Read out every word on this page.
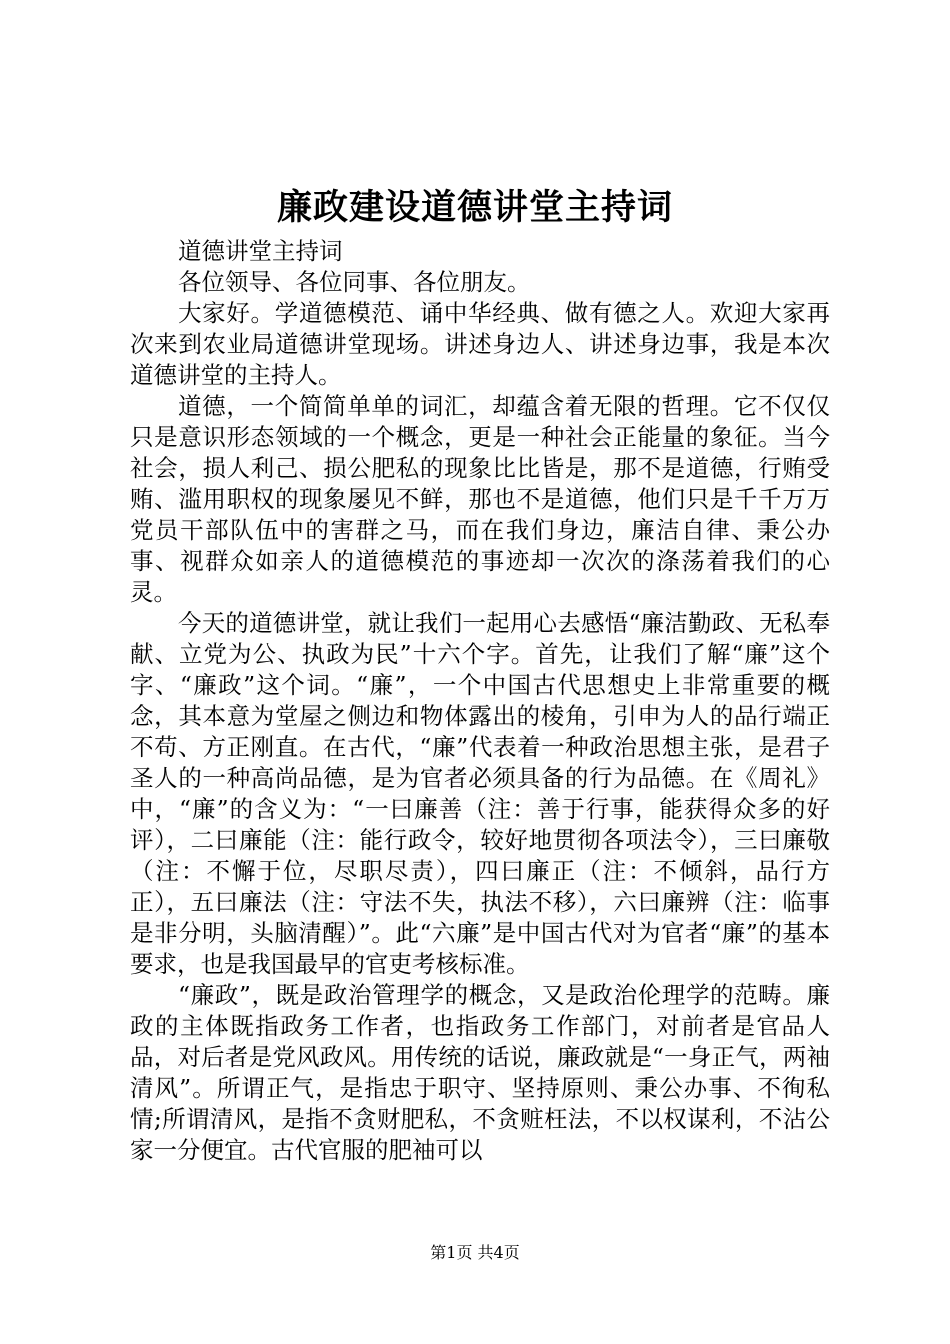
廉政建设道德讲堂主持词

道德讲堂主持词

各位领导、各位同事、各位朋友。

大家好。学道德模范、诵中华经典、做有德之人。欢迎大家再次来到农业局道德讲堂现场。讲述身边人、讲述身边事，我是本次道德讲堂的主持人。

道德，一个简简单单的词汇，却蕴含着无限的哲理。它不仅仅只是意识形态领域的一个概念，更是一种社会正能量的象征。当今社会，损人利己、损公肥私的现象比比皆是，那不是道德，行贿受贿、滥用职权的现象屡见不鲜，那也不是道德，他们只是千千万万党员干部队伍中的害群之马，而在我们身边，廉洁自律、秉公办事、视群众如亲人的道德模范的事迹却一次次的涤荡着我们的心灵。

今天的道德讲堂，就让我们一起用心去感悟“廉洁勤政、无私奉献、立党为公、执政为民”十六个字。首先，让我们了解“廉”这个字、“廉政”这个词。“廉”，一个中国古代思想史上非常重要的概念，其本意为堂屋之侧边和物体露出的棱角，引申为人的品行端正不苟、方正刚直。在古代，“廉”代表着一种政治思想主张，是君子圣人的一种高尚品德，是为官者必须具备的行为品德。在《周礼》中，“廉”的含义为：“一曰廉善（注：善于行事，能获得众多的好评），二曰廉能（注：能行政令，较好地贯彻各项法令），三曰廉敬（注：不懈于位，尽职尽责），四曰廉正（注：不倾斜，品行方正），五曰廉法（注：守法不失，执法不移），六曰廉辨（注：临事是非分明，头脑清醒）”。此“六廉”是中国古代对为官者“廉”的基本要求，也是我国最早的官吏考核标准。

“廉政”，既是政治管理学的概念，又是政治伦理学的范畴。廉政的主体既指政务工作者，也指政务工作部门，对前者是官品人品，对后者是党风政风。用传统的话说，廉政就是“一身正气，两袖清风”。所谓正气，是指忠于职守、坚持原则、秉公办事、不徇私情;所谓清风，是指不贪财肥私，不贪赃枉法，不以权谋利，不沾公家一分便宜。古代官服的肥袖可以

第1页 共4页
